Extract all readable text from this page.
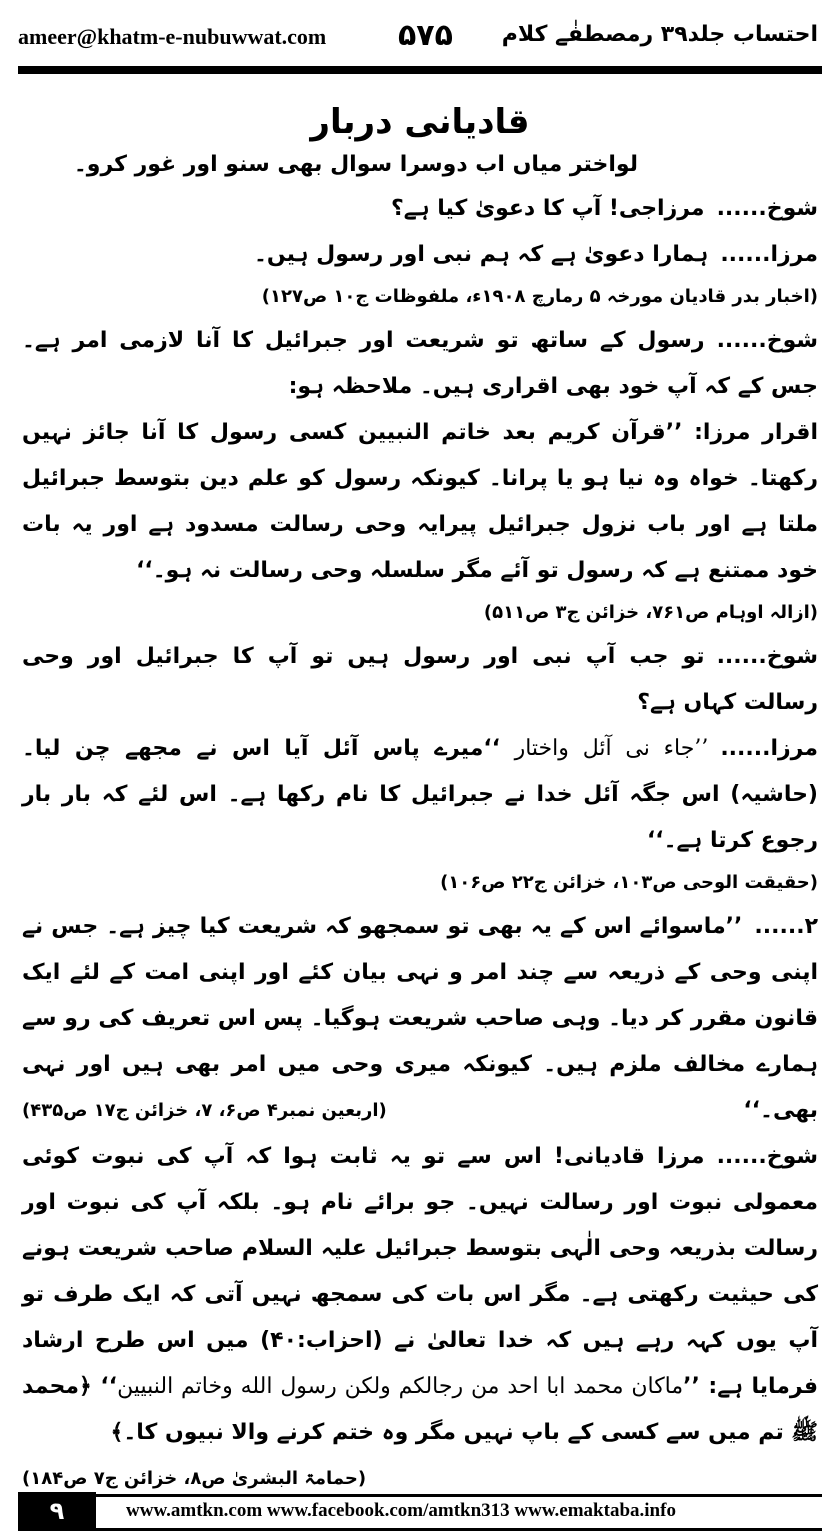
ameer@khatm-e-nubuwwat.com ۵۷۵ احتساب جلد۳۹ رمصطفٰے کلام
قادیانی دربار
لواختر میاں اب دوسرا سوال بھی سنو اور غور کرو۔

شوخ......مرزاجی! آپ کا دعویٰ کیا ہے؟

مرزا......ہمارا دعویٰ ہے کہ ہم نبی اور رسول ہیں۔

(اخبار بدر قادیان مورخہ ۵ رمارچ ۱۹۰۸ء، ملفوظات ج۱۰ ص۱۲۷)

شوخ......رسول کے ساتھ تو شریعت اور جبرائیل کا آنا لازمی امر ہے۔ جس کے کہ آپ خود بھی اقراری ہیں۔ ملاحظہ ہو:

اقرار مرزا: ’’قرآن کریم بعد خاتم النبیین کسی رسول کا آنا جائز نہیں رکھتا۔ خواہ وہ نیا ہو یا پرانا۔ کیونکہ رسول کو علم دین بتوسط جبرائیل ملتا ہے اور باب نزول جبرائیل پیرایہ وحی رسالت مسدود ہے اور یہ بات خود ممتنع ہے کہ رسول تو آئے مگر سلسلہ وحی رسالت نہ ہو۔‘‘

(ازالہ اوہام ص۷۶۱، خزائن ج۳ ص۵۱۱)

شوخ......تو جب آپ نبی اور رسول ہیں تو آپ کا جبرائیل اور وحی رسالت کہاں ہے؟

مرزا......’’جاء نی آئل واختار ‘‘میرے پاس آئل آیا اس نے مجھے چن لیا۔ (حاشیہ) اس جگہ آئل خدا نے جبرائیل کا نام رکھا ہے۔ اس لئے کہ بار بار رجوع کرتا ہے۔‘‘

(حقیقت الوحی ص۱۰۳، خزائن ج۲۲ ص۱۰۶)

۲......’’ماسوائے اس کے یہ بھی تو سمجھو کہ شریعت کیا چیز ہے۔ جس نے اپنی وحی کے ذریعہ سے چند امر و نہی بیان کئے اور اپنی امت کے لئے ایک قانون مقرر کر دیا۔ وہی صاحب شریعت ہوگیا۔ پس اس تعریف کی رو سے ہمارے مخالف ملزم ہیں۔ کیونکہ میری وحی میں امر بھی ہیں اور نہی بھی۔‘‘
(اربعین نمبر۴ ص۶، ۷، خزائن ج۱۷ ص۴۳۵)

شوخ......مرزا قادیانی! اس سے تو یہ ثابت ہوا کہ آپ کی نبوت کوئی معمولی نبوت اور رسالت نہیں۔ جو برائے نام ہو۔ بلکہ آپ کی نبوت اور رسالت بذریعہ وحی الٰہی بتوسط جبرائیل علیہ السلام صاحب شریعت ہونے کی حیثیت رکھتی ہے۔ مگر اس بات کی سمجھ نہیں آتی کہ ایک طرف تو آپ یوں کہہ رہے ہیں کہ خدا تعالیٰ نے (احزاب:۴۰) میں اس طرح ارشاد فرمایا ہے: ’’ماکان محمد ابا احد من رجالکم ولکن رسول الله وخاتم النبیین‘‘ ﴿محمد ﷺ تم میں سے کسی کے باپ نہیں مگر وہ ختم کرنے والا نبیوں کا۔﴾
(حمامۃ البشریٰ ص۸، خزائن ج۷ ص۱۸۴)

۹	www.amtkn.com www.facebook.com/amtkn313 www.emaktaba.info
